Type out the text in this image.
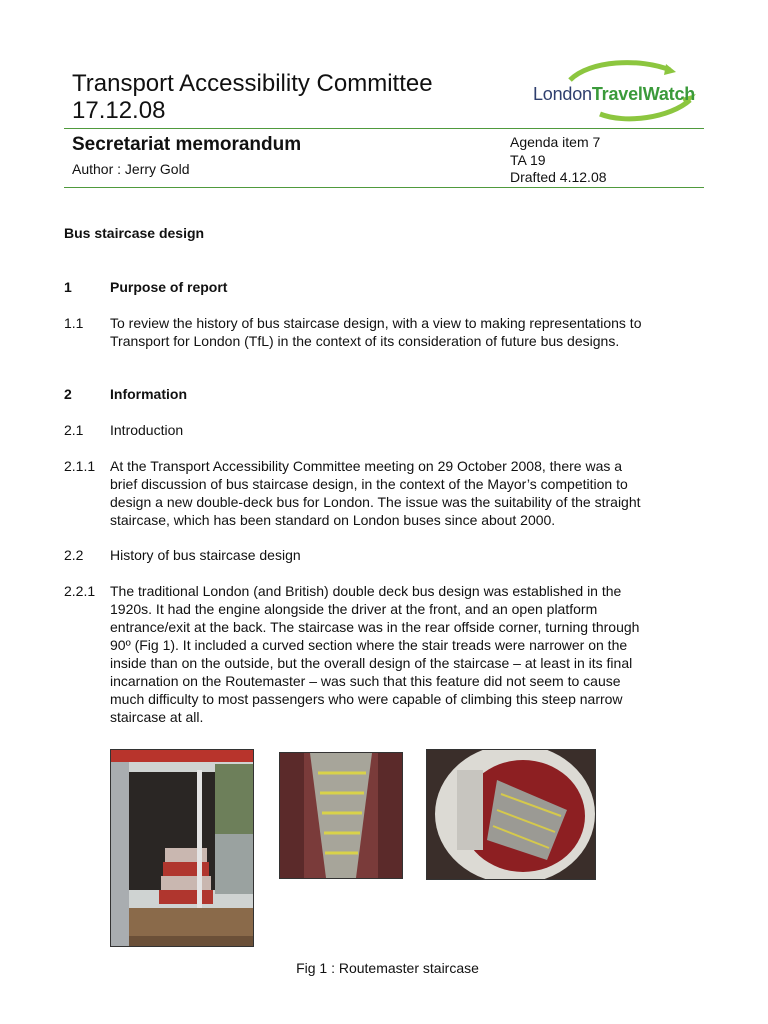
Transport Accessibility Committee
17.12.08
LondonTravelWatch
Secretariat memorandum
Author : Jerry Gold
Agenda item 7
TA 19
Drafted 4.12.08
Bus staircase design
1	Purpose of report
1.1 To review the history of bus staircase design, with a view to making representations to
Transport for London (TfL) in the context of its consideration of future bus designs.
2	Information
2.1 Introduction
2.1.1 At the Transport Accessibility Committee meeting on 29 October 2008, there was a
brief discussion of bus staircase design, in the context of the Mayor’s competition to
design a new double-deck bus for London. The issue was the suitability of the straight
staircase, which has been standard on London buses since about 2000.
2.2 History of bus staircase design
2.2.1 The traditional London (and British) double deck bus design was established in the
1920s. It had the engine alongside the driver at the front, and an open platform
entrance/exit at the back. The staircase was in the rear offside corner, turning through
90º (Fig 1). It included a curved section where the stair treads were narrower on the
inside than on the outside, but the overall design of the staircase – at least in its final
incarnation on the Routemaster – was such that this feature did not seem to cause
much difficulty to most passengers who were capable of climbing this steep narrow
staircase at all.
Fig 1 : Routemaster staircase
